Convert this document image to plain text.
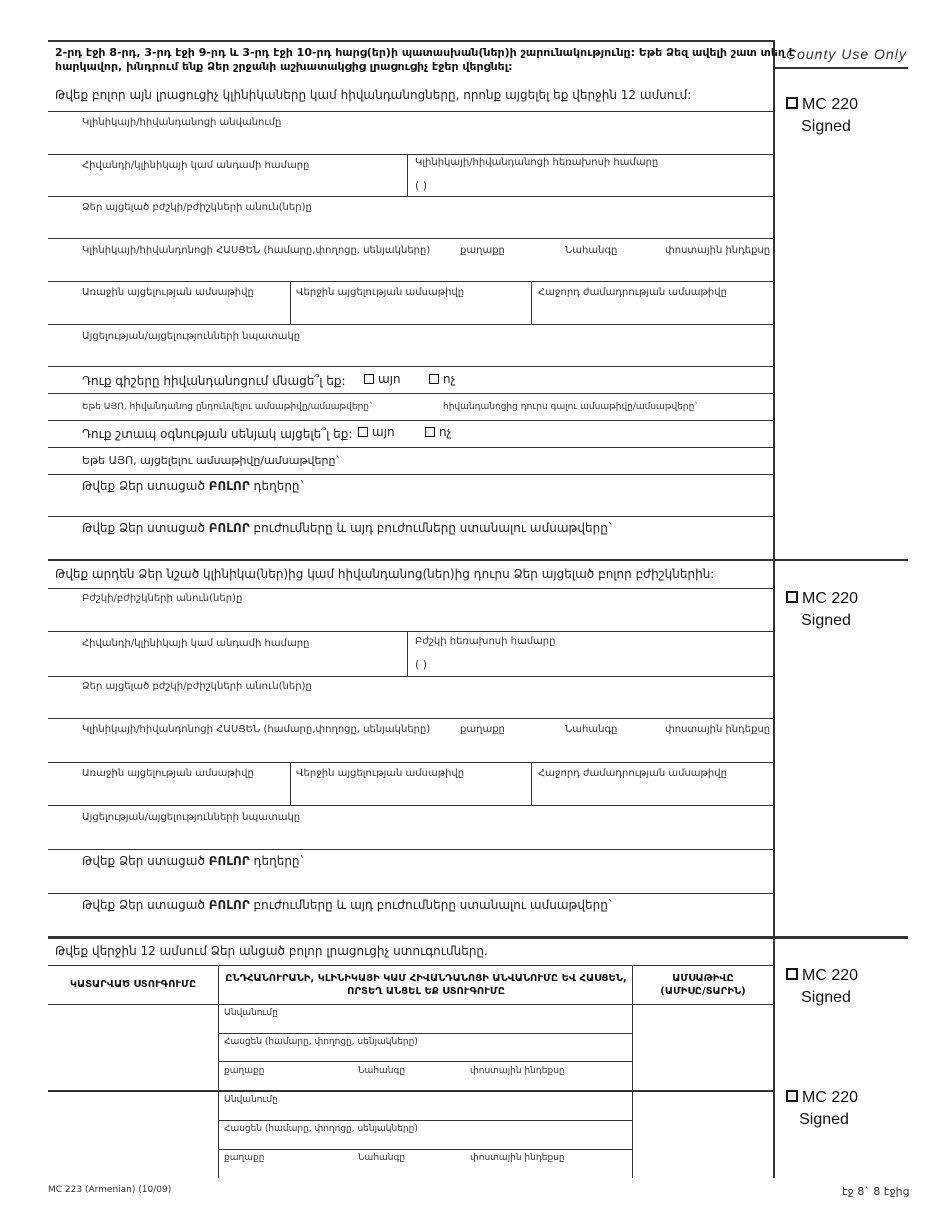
2-րդ էջի 8-րդ, 3-րդ էջի 9-րդ և 3-րդ էջի 10-րդ հարց(եր)ի պատասխան(ներ)ի շարունակությունը: Եթե Ձեզ ավելի շատ տեղ է
հարկավոր, խնդրում ենք Ձեր շրջանի աշխատակցից լրացուցիչ էջեր վերցնել:
County Use Only
Թվեք բոլոր այն լրացուցիչ կլինիկաները կամ հիվանդանոցները, որոնք այցելել եք վերջին 12 ամսում:
Կլինիկայի/հիվանդանոցի անվանումը
Հիվանդի/կլինիկայի կամ անդամի համարը	Կլինիկայի/հիվանդանոցի հեռախոսի համարը
( )
Ձեր այցելած բժշկի/բժիշկների անուն(ներ)ը
Կլինիկայի/հիվանդոնոցի ՀԱՍՑԵՆ (համարը,փողոցը, սենյակները)	քաղաքը	Նահանգը	փոստային ինդեքսը
Առաջին այցելության ամսաթիվը	Վերջին այցելության ամսաթիվը	Հաջորդ ժամադրության ամսաթիվը
Այցելության/այցելությունների նպատակը
Դուք գիշերը հիվանդանոցում մնացե՞լ եք:	այո	ոչ
Եթե ԱՅՈ, հիվանդանոց ընդունվելու ամսաթիվը/ամսաթվերը`	հիվանդանոցից դուրս գալու ամսաթիվը/ամսաթվերը`
Դուք շտապ օգնության սենյակ այցելե՞լ եք:	այո	ոչ
Եթե ԱՅՈ, այցելելու ամսաթիվը/ամսաթվերը`
Թվեք Ձեր ստացած ԲՈԼՈՐ դեղերը`
Թվեք Ձեր ստացած ԲՈԼՈՐ բուժումները և այդ բուժումները ստանալու ամսաթվերը`
MC 220
Signed
Թվեք արդեն Ձեր նշած կլինիկա(ներ)ից կամ հիվանդանոց(ներ)ից դուրս Ձեր այցելած բոլոր բժիշկներին:
Բժշկի/բժիշկների անուն(ներ)ը
Հիվանդի/կլինիկայի կամ անդամի համարը	Բժշկի հեռախոսի համարը
( )
Ձեր այցելած բժշկի/բժիշկների անուն(ներ)ը
Կլինիկայի/հիվանդոնոցի ՀԱՍՑԵՆ (համարը,փողոցը, սենյակները)	քաղաքը	Նահանգը	փոստային ինդեքսը
Առաջին այցելության ամսաթիվը	Վերջին այցելության ամսաթիվը	Հաջորդ ժամադրության ամսաթիվը
Այցելության/այցելությունների նպատակը
Թվեք Ձեր ստացած ԲՈԼՈՐ դեղերը`
Թվեք Ձեր ստացած ԲՈԼՈՐ բուժումները և այդ բուժումները ստանալու ամսաթվերը`
MC 220
Signed
Թվեք վերջին 12 ամսում Ձեր անցած բոլոր լրացուցիչ ստուգումները.
ԿԱՏԱՐՎԱԾ ՍՏՈՒԳՈՒՄԸ
ԸՆԴՀԱՆՈՒՐԱՆԻ, ԿԼԻՆԻԿԱՅԻ ԿԱՄ ՀԻՎԱՆԴԱՆՈՑԻ ԱՆՎԱՆՈՒՄԸ ԵՎ ՀԱՍՑԵՆ,
ՈՐՏԵՂ ԱՆՑԵԼ ԵՔ ՍՏՈՒԳՈՒՄԸ
ԱՄՍԱԹԻՎԸ
(ԱՄԻՍԸ/ՏԱՐԻՆ)
Անվանումը
Հասցեն (համարը, փողոցը, սենյակները)
քաղաքը	Նահանգը	փոստային ինդեքսը
Անվանումը
Հասցեն (համարը, փողոցը, սենյակները)
քաղաքը	Նահանգը	փոստային ինդեքսը
MC 220
Signed
MC 220
Signed
MC 223 (Armenian) (10/09)	էջ 8` 8 էջից
